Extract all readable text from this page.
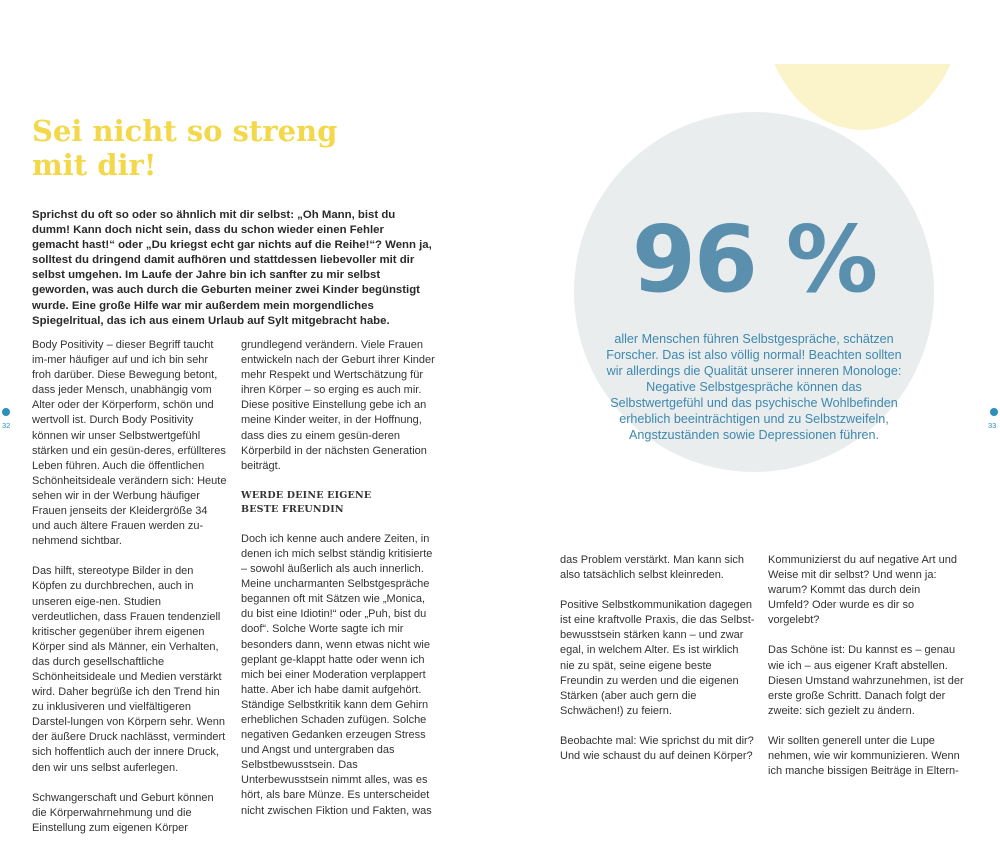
Sei nicht so streng
mit dir!

Sprichst du oft so oder so ähnlich mit dir selbst: „Oh Mann, bist du dumm! Kann doch nicht sein, dass du schon wieder einen Fehler gemacht hast!“ oder „Du kriegst echt gar nichts auf die Reihe!“? Wenn ja, solltest du dringend damit aufhören und stattdessen liebevoller mit dir selbst umgehen. Im Laufe der Jahre bin ich sanfter zu mir selbst geworden, was auch durch die Geburten meiner zwei Kinder begünstigt wurde. Eine große Hilfe war mir außerdem mein morgendliches Spiegelritual, das ich aus einem Urlaub auf Sylt mitgebracht habe.

Body Positivity – dieser Begriff taucht im-mer häufiger auf und ich bin sehr froh darüber. Diese Bewegung betont, dass jeder Mensch, unabhängig vom Alter oder der Körperform, schön und wertvoll ist. Durch Body Positivity können wir unser Selbstwertgefühl stärken und ein gesün-deres, erfüllteres Leben führen. Auch die öffentlichen Schönheitsideale verändern sich: Heute sehen wir in der Werbung häufiger Frauen jenseits der Kleidergröße 34 und auch ältere Frauen werden zu-nehmend sichtbar.

Das hilft, stereotype Bilder in den Köpfen zu durchbrechen, auch in unseren eige-nen. Studien verdeutlichen, dass Frauen tendenziell kritischer gegenüber ihrem eigenen Körper sind als Männer, ein Verhalten, das durch gesellschaftliche Schönheitsideale und Medien verstärkt wird. Daher begrüße ich den Trend hin zu inklusiveren und vielfältigeren Darstel-lungen von Körpern sehr. Wenn der äußere Druck nachlässt, vermindert sich hoffentlich auch der innere Druck, den wir uns selbst auferlegen.

Schwangerschaft und Geburt können die Körperwahrnehmung und die Einstellung zum eigenen Körper

grundlegend verändern. Viele Frauen entwickeln nach der Geburt ihrer Kinder mehr Respekt und Wertschätzung für ihren Körper – so erging es auch mir. Diese positive Einstellung gebe ich an meine Kinder weiter, in der Hoffnung, dass dies zu einem gesün-deren Körperbild in der nächsten Generation beiträgt.

WERDE DEINE EIGENE
BESTE FREUNDIN

Doch ich kenne auch andere Zeiten, in denen ich mich selbst ständig kritisierte – sowohl äußerlich als auch innerlich. Meine uncharmanten Selbstgespräche begannen oft mit Sätzen wie „Monica, du bist eine Idiotin!“ oder „Puh, bist du doof“. Solche Worte sagte ich mir besonders dann, wenn etwas nicht wie geplant ge-klappt hatte oder wenn ich mich bei einer Moderation verplappert hatte. Aber ich habe damit aufgehört. Ständige Selbstkritik kann dem Gehirn erheblichen Schaden zufügen. Solche negativen Gedanken erzeugen Stress und Angst und untergraben das Selbstbewusstsein. Das Unterbewusstsein nimmt alles, was es hört, als bare Münze. Es unterscheidet nicht zwischen Fiktion und Fakten, was

96 %
aller Menschen führen Selbstgespräche, schätzen Forscher. Das ist also völlig normal! Beachten sollten wir allerdings die Qualität unserer inneren Monologe: Negative Selbstgespräche können das Selbstwertgefühl und das psychische Wohlbefinden erheblich beeinträchtigen und zu Selbstzweifeln, Angstzuständen sowie Depressionen führen.

das Problem verstärkt. Man kann sich also tatsächlich selbst kleinreden.

Positive Selbstkommunikation dagegen ist eine kraftvolle Praxis, die das Selbst-bewusstsein stärken kann – und zwar egal, in welchem Alter. Es ist wirklich nie zu spät, seine eigene beste Freundin zu werden und die eigenen Stärken (aber auch gern die Schwächen!) zu feiern.

Beobachte mal: Wie sprichst du mit dir? Und wie schaust du auf deinen Körper?

Kommunizierst du auf negative Art und Weise mit dir selbst? Und wenn ja: warum? Kommt das durch dein Umfeld? Oder wurde es dir so vorgelebt?

Das Schöne ist: Du kannst es – genau wie ich – aus eigener Kraft abstellen. Diesen Umstand wahrzunehmen, ist der erste große Schritt. Danach folgt der zweite: sich gezielt zu ändern.

Wir sollten generell unter die Lupe nehmen, wie wir kommunizieren. Wenn ich manche bissigen Beiträge in Eltern-

32	33
